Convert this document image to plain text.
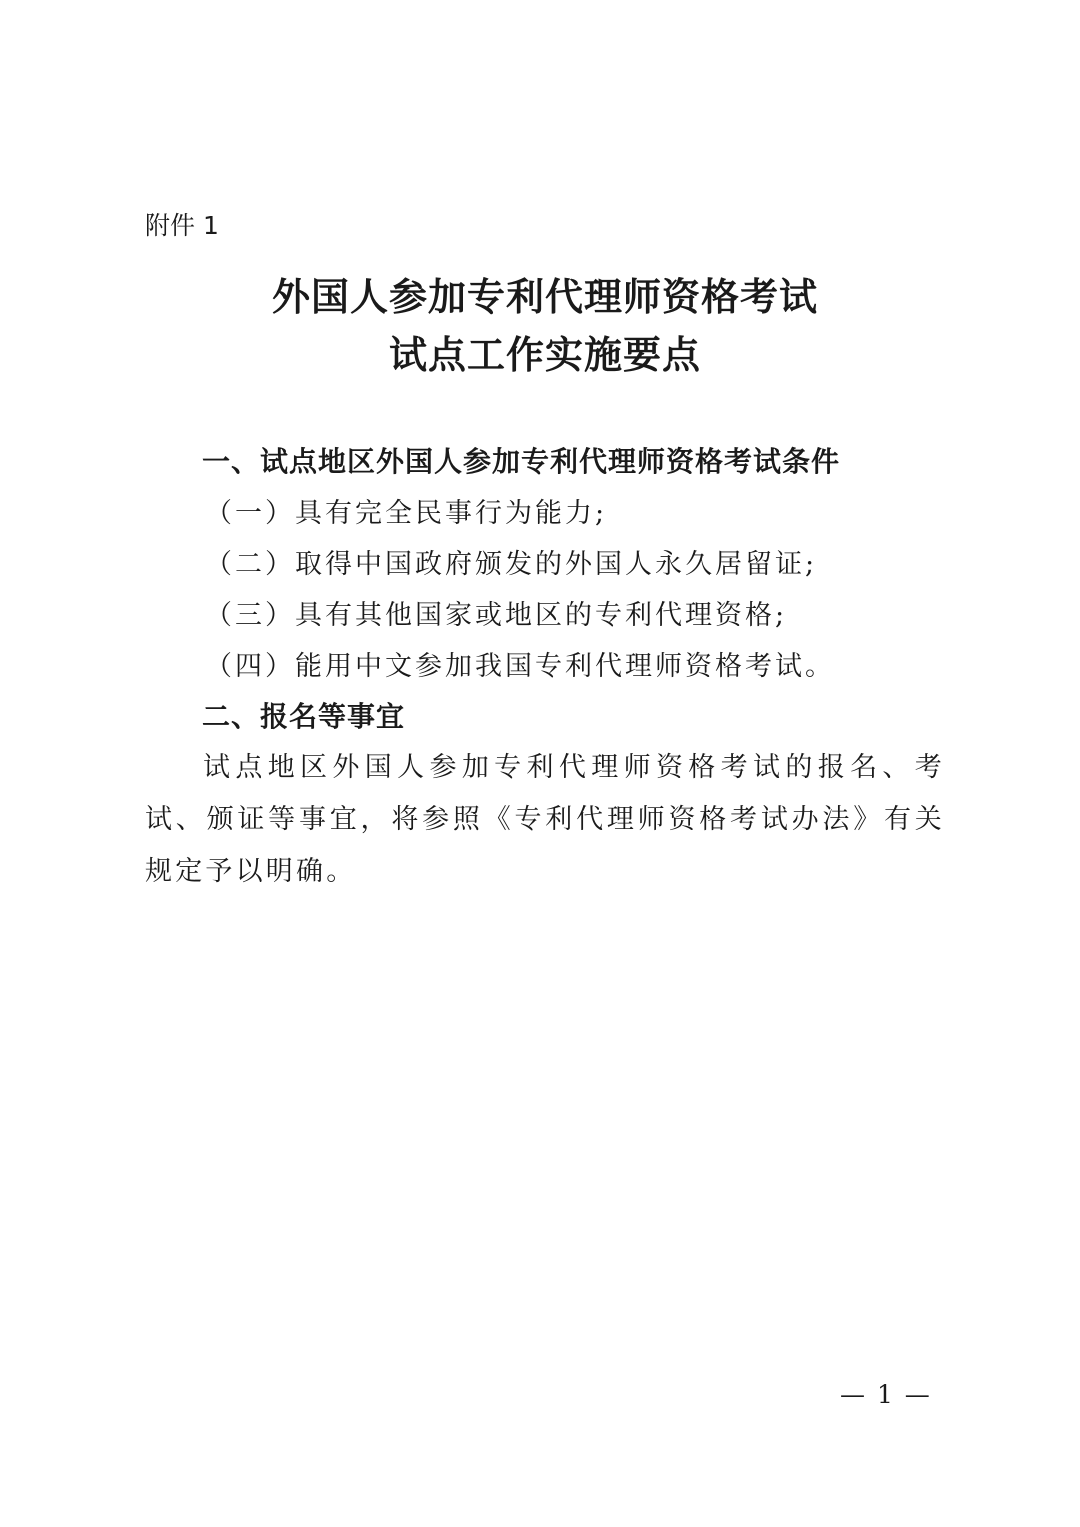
附件 1
外国人参加专利代理师资格考试
试点工作实施要点
一、试点地区外国人参加专利代理师资格考试条件
（一）具有完全民事行为能力;
（二）取得中国政府颁发的外国人永久居留证;
（三）具有其他国家或地区的专利代理资格;
（四）能用中文参加我国专利代理师资格考试。
二、报名等事宜
试点地区外国人参加专利代理师资格考试的报名、考试、颁证等事宜，将参照《专利代理师资格考试办法》有关规定予以明确。
— 1 —
